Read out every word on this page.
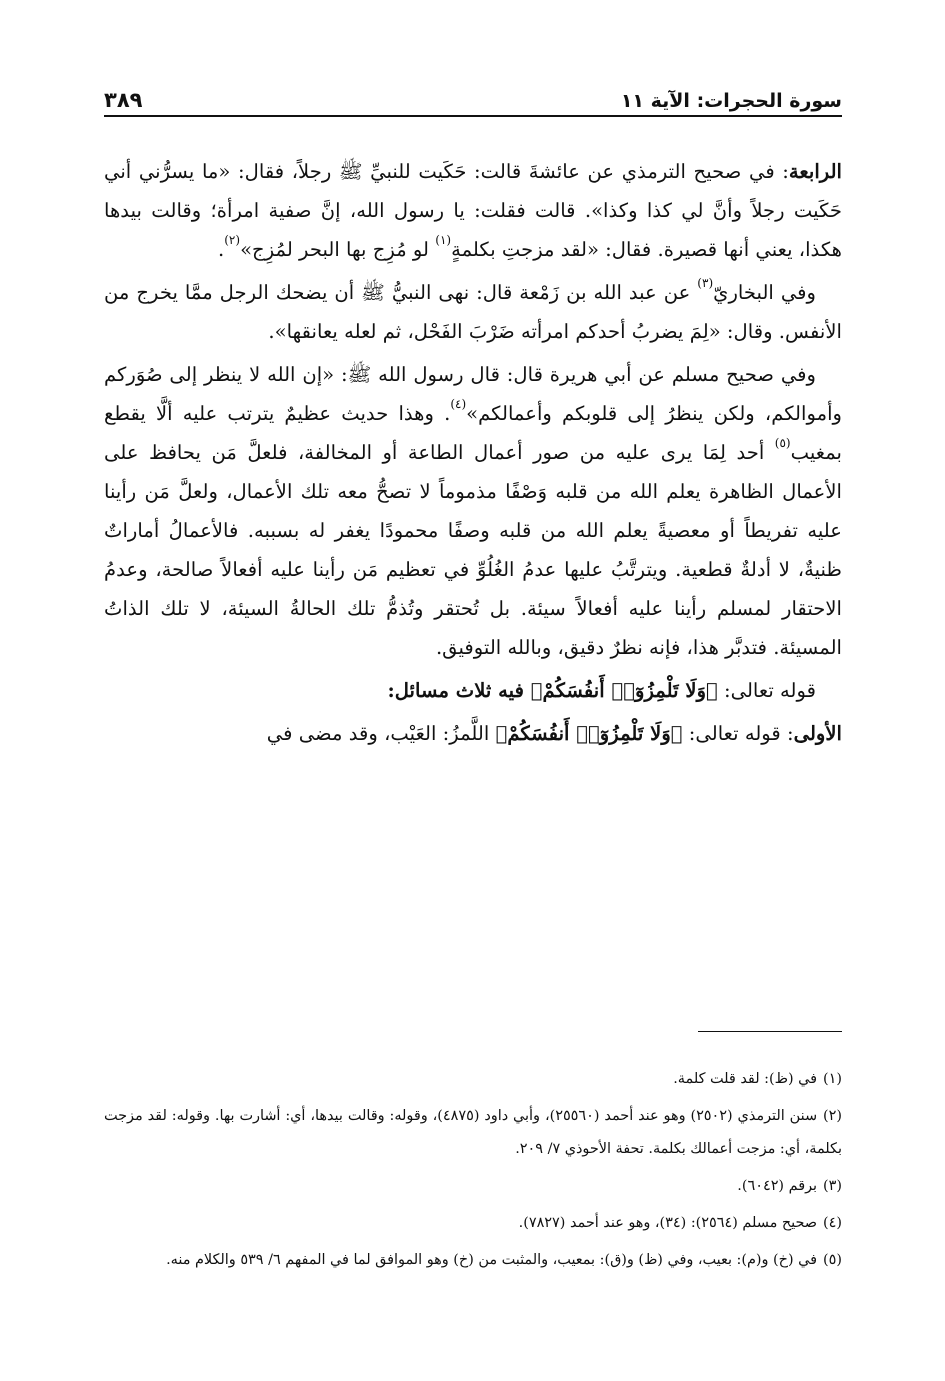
سورة الحجرات: الآية ١١
٣٨٩

الرابعة: في صحيح الترمذي عن عائشةَ قالت: حَكَيت للنبيِّ ﷺ رجلاً، فقال: «ما يسرُّني أني حَكَيت رجلاً وأنَّ لي كذا وكذا». قالت فقلت: يا رسول الله، إنَّ صفية امرأة؛ وقالت بيدها هكذا، يعني أنها قصيرة. فقال: «لقد مزجتِ بكلمةٍ$^{(١)}$ لو مُزِج بها البحر لمُزِج»$^{(٢)}$.

وفي البخاريّ$^{(٣)}$ عن عبد الله بن زَمْعة قال: نهى النبيُّ ﷺ أن يضحك الرجل ممَّا يخرج من الأنفس. وقال: «لِمَ يضربُ أحدكم امرأته ضَرْبَ الفَحْل، ثم لعله يعانقها».

وفي صحيح مسلم عن أبي هريرة قال: قال رسول الله ﷺ: «إن الله لا ينظر إلى صُوَركم وأموالكم، ولكن ينظرُ إلى قلوبكم وأعمالكم»$^{(٤)}$. وهذا حديث عظيمٌ يترتب عليه ألَّا يقطع بمغيب$^{(٥)}$ أحد لِمَا يرى عليه من صور أعمال الطاعة أو المخالفة، فلعلَّ مَن يحافظ على الأعمال الظاهرة يعلم الله من قلبه وَصْفًا مذموماً لا تصحُّ معه تلك الأعمال، ولعلَّ مَن رأينا عليه تفريطاً أو معصيةً يعلم الله من قلبه وصفًا محمودًا يغفر له بسببه. فالأعمالُ أماراتٌ ظنيةٌ، لا أدلةٌ قطعية. ويترتَّبُ عليها عدمُ الغُلُوِّ في تعظيم مَن رأينا عليه أفعالاً صالحة، وعدمُ الاحتقار لمسلم رأينا عليه أفعالاً سيئة. بل تُحتقر وتُذمُّ تلك الحالةُ السيئة، لا تلك الذاتُ المسيئة. فتدبَّر هذا، فإنه نظرٌ دقيق، وبالله التوفيق.

قوله تعالى: ﴿وَلَا تَلْمِزُوٓا۟ أَنفُسَكُمْ﴾ فيه ثلاث مسائل:

الأولى: قوله تعالى: ﴿وَلَا تَلْمِزُوٓا۟ أَنفُسَكُمْ﴾ اللَّمزُ: العَيْب، وقد مضى في

(١)في (ظ): لقد قلت كلمة.

(٢)سنن الترمذي (٢٥٠٢) وهو عند أحمد (٢٥٥٦٠)، وأبي داود (٤٨٧٥)، وقوله: وقالت بيدها، أي: أشارت بها. وقوله: لقد مزجت بكلمة، أي: مزجت أعمالك بكلمة. تحفة الأحوذي ٧/ ٢٠٩.

(٣)برقم (٦٠٤٢).

(٤)صحيح مسلم (٢٥٦٤): (٣٤)، وهو عند أحمد (٧٨٢٧).

(٥)في (خ) و(م): بعيب، وفي (ظ) و(ق): بمعيب، والمثبت من (خ) وهو الموافق لما في المفهم ٦/ ٥٣٩ والكلام منه.
